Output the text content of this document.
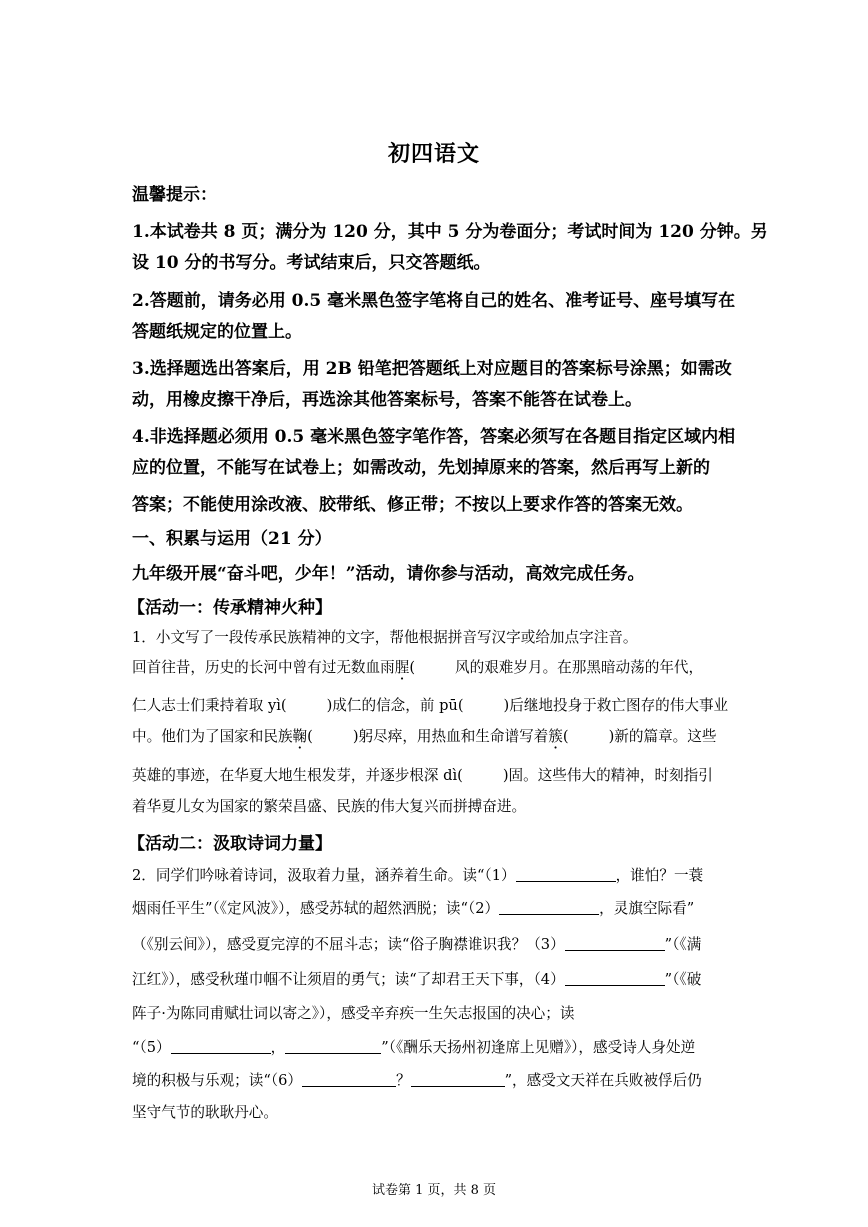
初四语文
温馨提示：
1.本试卷共 8 页；满分为 120 分，其中 5 分为卷面分；考试时间为 120 分钟。另
设 10 分的书写分。考试结束后，只交答题纸。
2.答题前，请务必用 0.5 毫米黑色签字笔将自己的姓名、准考证号、座号填写在
答题纸规定的位置上。
3.选择题选出答案后，用 2B 铅笔把答题纸上对应题目的答案标号涂黑；如需改
动，用橡皮擦干净后，再选涂其他答案标号，答案不能答在试卷上。
4.非选择题必须用 0.5 毫米黑色签字笔作答，答案必须写在各题目指定区域内相
应的位置，不能写在试卷上；如需改动，先划掉原来的答案，然后再写上新的
答案；不能使用涂改液、胶带纸、修正带；不按以上要求作答的答案无效。
一、积累与运用（21 分）
九年级开展“奋斗吧，少年！”活动，请你参与活动，高效完成任务。
【活动一：传承精神火种】
1．小文写了一段传承民族精神的文字，帮他根据拼音写汉字或给加点字注音。
回首往昔，历史的长河中曾有过无数血雨腥(	风的艰难岁月。在那黑暗动荡的年代，
仁人志士们秉持着取 yì(	)成仁的信念，前 pū(	)后继地投身于救亡图存的伟大事业
中。他们为了国家和民族鞠(	)躬尽瘁，用热血和生命谱写着簇(	)新的篇章。这些
英雄的事迹，在华夏大地生根发芽，并逐步根深 dì(	)固。这些伟大的精神，时刻指引
着华夏儿女为国家的繁荣昌盛、民族的伟大复兴而拼搏奋进。
【活动二：汲取诗词力量】
2．同学们吟咏着诗词，汲取着力量，涵养着生命。读“（1）	，谁怕？一蓑
烟雨任平生”（《定风波》），感受苏轼的超然洒脱；读“（2）	，灵旗空际看”
（《别云间》），感受夏完淳的不屈斗志；读“俗子胸襟谁识我？（3）	”（《满
江红》），感受秋瑾巾帼不让须眉的勇气；读“了却君王天下事，（4）	”（《破
阵子·为陈同甫赋壮词以寄之》），感受辛弃疾一生矢志报国的决心；读
“（5）	，	”（《酬乐天扬州初逢席上见赠》），感受诗人身处逆
境的积极与乐观；读“（6）	？	”，感受文天祥在兵败被俘后仍
坚守气节的耿耿丹心。
试卷第 1 页，共 8 页
